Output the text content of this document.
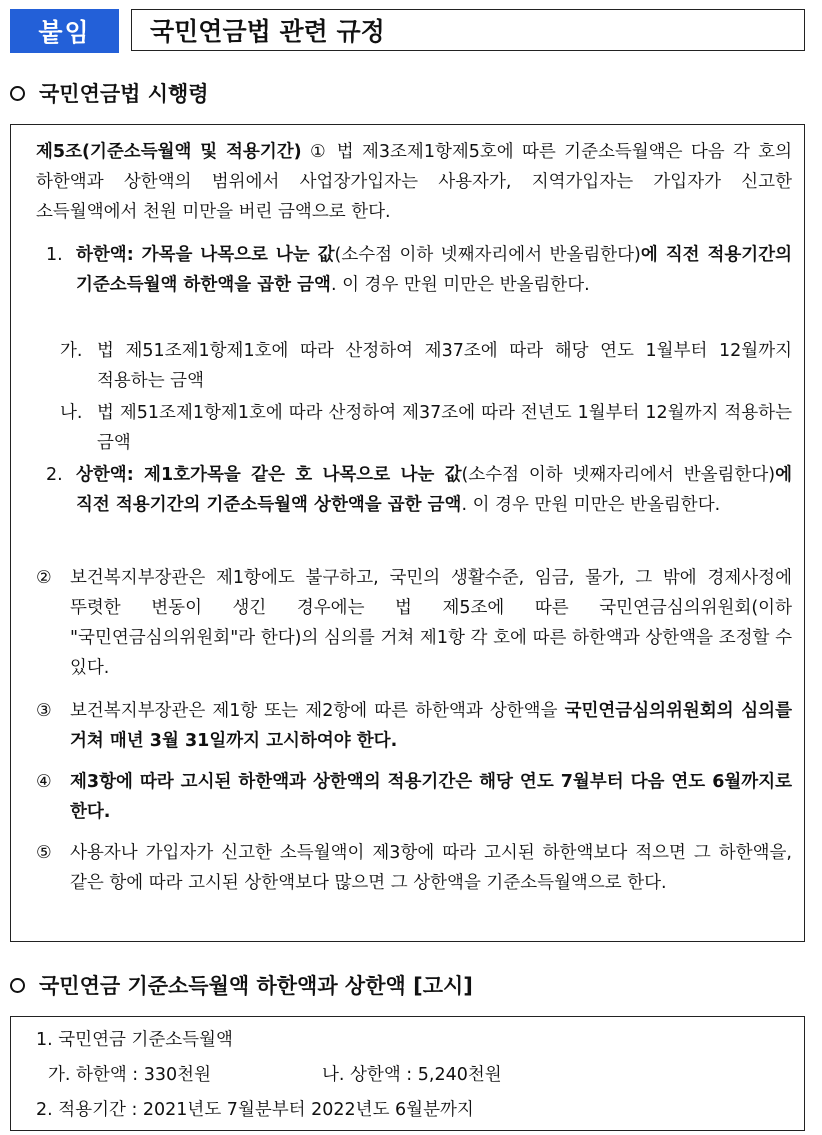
붙임	국민연금법 관련 규정
국민연금법 시행령
제5조(기준소득월액 및 적용기간) ① 법 제3조제1항제5호에 따른 기준소득월액은 다음 각 호의 하한액과 상한액의 범위에서 사업장가입자는 사용자가, 지역가입자는 가입자가 신고한 소득월액에서 천원 미만을 버린 금액으로 한다.
1. 하한액: 가목을 나목으로 나눈 값(소수점 이하 넷째자리에서 반올림한다)에 직전 적용기간의 기준소득월액 하한액을 곱한 금액. 이 경우 만원 미만은 반올림한다.
가. 법 제51조제1항제1호에 따라 산정하여 제37조에 따라 해당 연도 1월부터 12월까지 적용하는 금액
나. 법 제51조제1항제1호에 따라 산정하여 제37조에 따라 전년도 1월부터 12월까지 적용하는 금액
2. 상한액: 제1호가목을 같은 호 나목으로 나눈 값(소수점 이하 넷째자리에서 반올림한다)에 직전 적용기간의 기준소득월액 상한액을 곱한 금액. 이 경우 만원 미만은 반올림한다.
② 보건복지부장관은 제1항에도 불구하고, 국민의 생활수준, 임금, 물가, 그 밖에 경제사정에 뚜렷한 변동이 생긴 경우에는 법 제5조에 따른 국민연금심의위원회(이하 "국민연금심의위원회"라 한다)의 심의를 거쳐 제1항 각 호에 따른 하한액과 상한액을 조정할 수 있다.
③ 보건복지부장관은 제1항 또는 제2항에 따른 하한액과 상한액을 국민연금심의위원회의 심의를 거쳐 매년 3월 31일까지 고시하여야 한다.
④ 제3항에 따라 고시된 하한액과 상한액의 적용기간은 해당 연도 7월부터 다음 연도 6월까지로 한다.
⑤ 사용자나 가입자가 신고한 소득월액이 제3항에 따라 고시된 하한액보다 적으면 그 하한액을, 같은 항에 따라 고시된 상한액보다 많으면 그 상한액을 기준소득월액으로 한다.
국민연금 기준소득월액 하한액과 상한액 [고시]
1. 국민연금 기준소득월액
가. 하한액 : 330천원	나. 상한액 : 5,240천원
2. 적용기간 : 2021년도 7월분부터 2022년도 6월분까지
